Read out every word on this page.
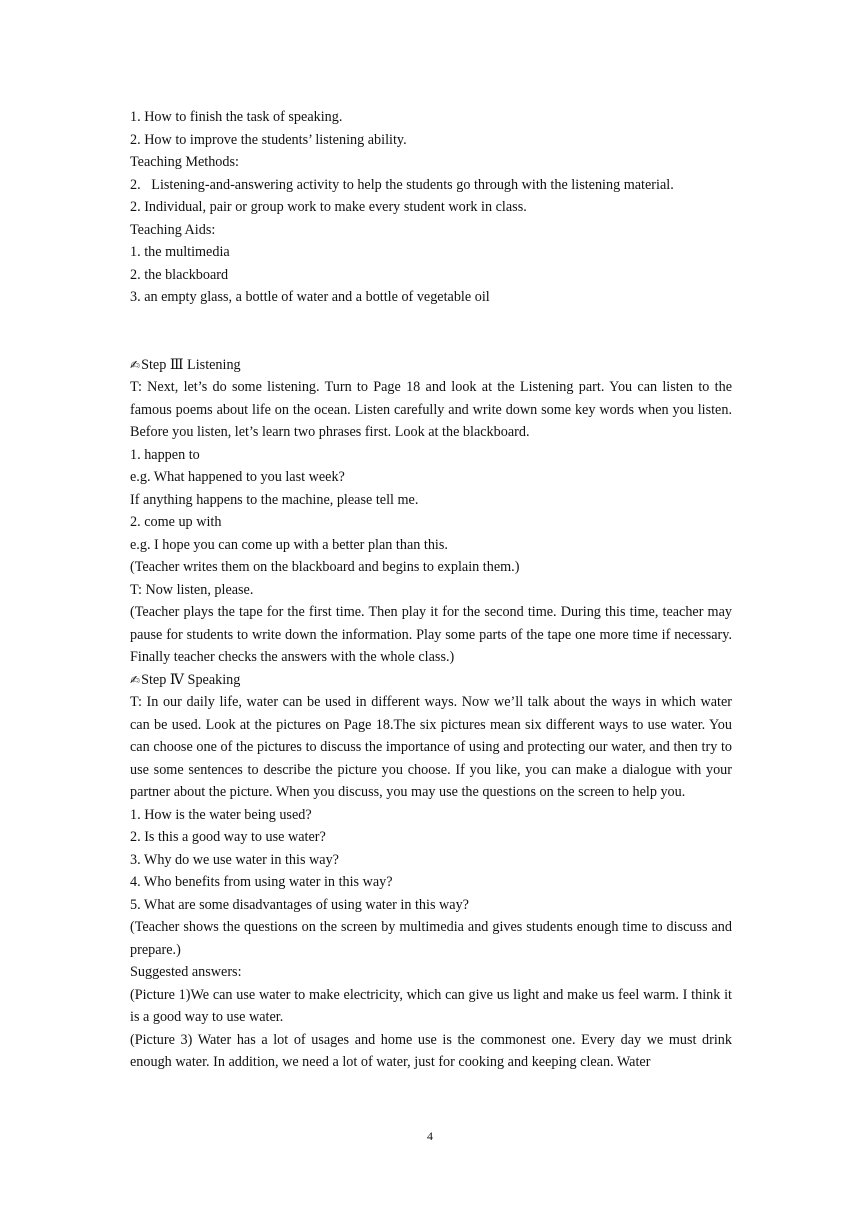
1. How to finish the task of speaking.
2. How to improve the students’ listening ability.
Teaching Methods:
2.   Listening-and-answering activity to help the students go through with the listening material.
2. Individual, pair or group work to make every student work in class.
Teaching Aids:
1. the multimedia
2. the blackboard
3. an empty glass, a bottle of water and a bottle of vegetable oil
✍Step Ⅲ Listening
T: Next, let’s do some listening. Turn to Page 18 and look at the Listening part. You can listen to the famous poems about life on the ocean. Listen carefully and write down some key words when you listen. Before you listen, let’s learn two phrases first. Look at the blackboard.
1. happen to
e.g. What happened to you last week?
If anything happens to the machine, please tell me.
2. come up with
e.g. I hope you can come up with a better plan than this.
(Teacher writes them on the blackboard and begins to explain them.)
T: Now listen, please.
(Teacher plays the tape for the first time. Then play it for the second time. During this time, teacher may pause for students to write down the information. Play some parts of the tape one more time if necessary. Finally teacher checks the answers with the whole class.)
✍Step Ⅳ Speaking
T: In our daily life, water can be used in different ways. Now we’ll talk about the ways in which water can be used. Look at the pictures on Page 18.The six pictures mean six different ways to use water. You can choose one of the pictures to discuss the importance of using and protecting our water, and then try to use some sentences to describe the picture you choose. If you like, you can make a dialogue with your partner about the picture. When you discuss, you may use the questions on the screen to help you.
1. How is the water being used?
2. Is this a good way to use water?
3. Why do we use water in this way?
4. Who benefits from using water in this way?
5. What are some disadvantages of using water in this way?
(Teacher shows the questions on the screen by multimedia and gives students enough time to discuss and prepare.)
Suggested answers:
(Picture 1)We can use water to make electricity, which can give us light and make us feel warm. I think it is a good way to use water.
(Picture 3) Water has a lot of usages and home use is the commonest one. Every day we must drink enough water. In addition, we need a lot of water, just for cooking and keeping clean. Water
4
